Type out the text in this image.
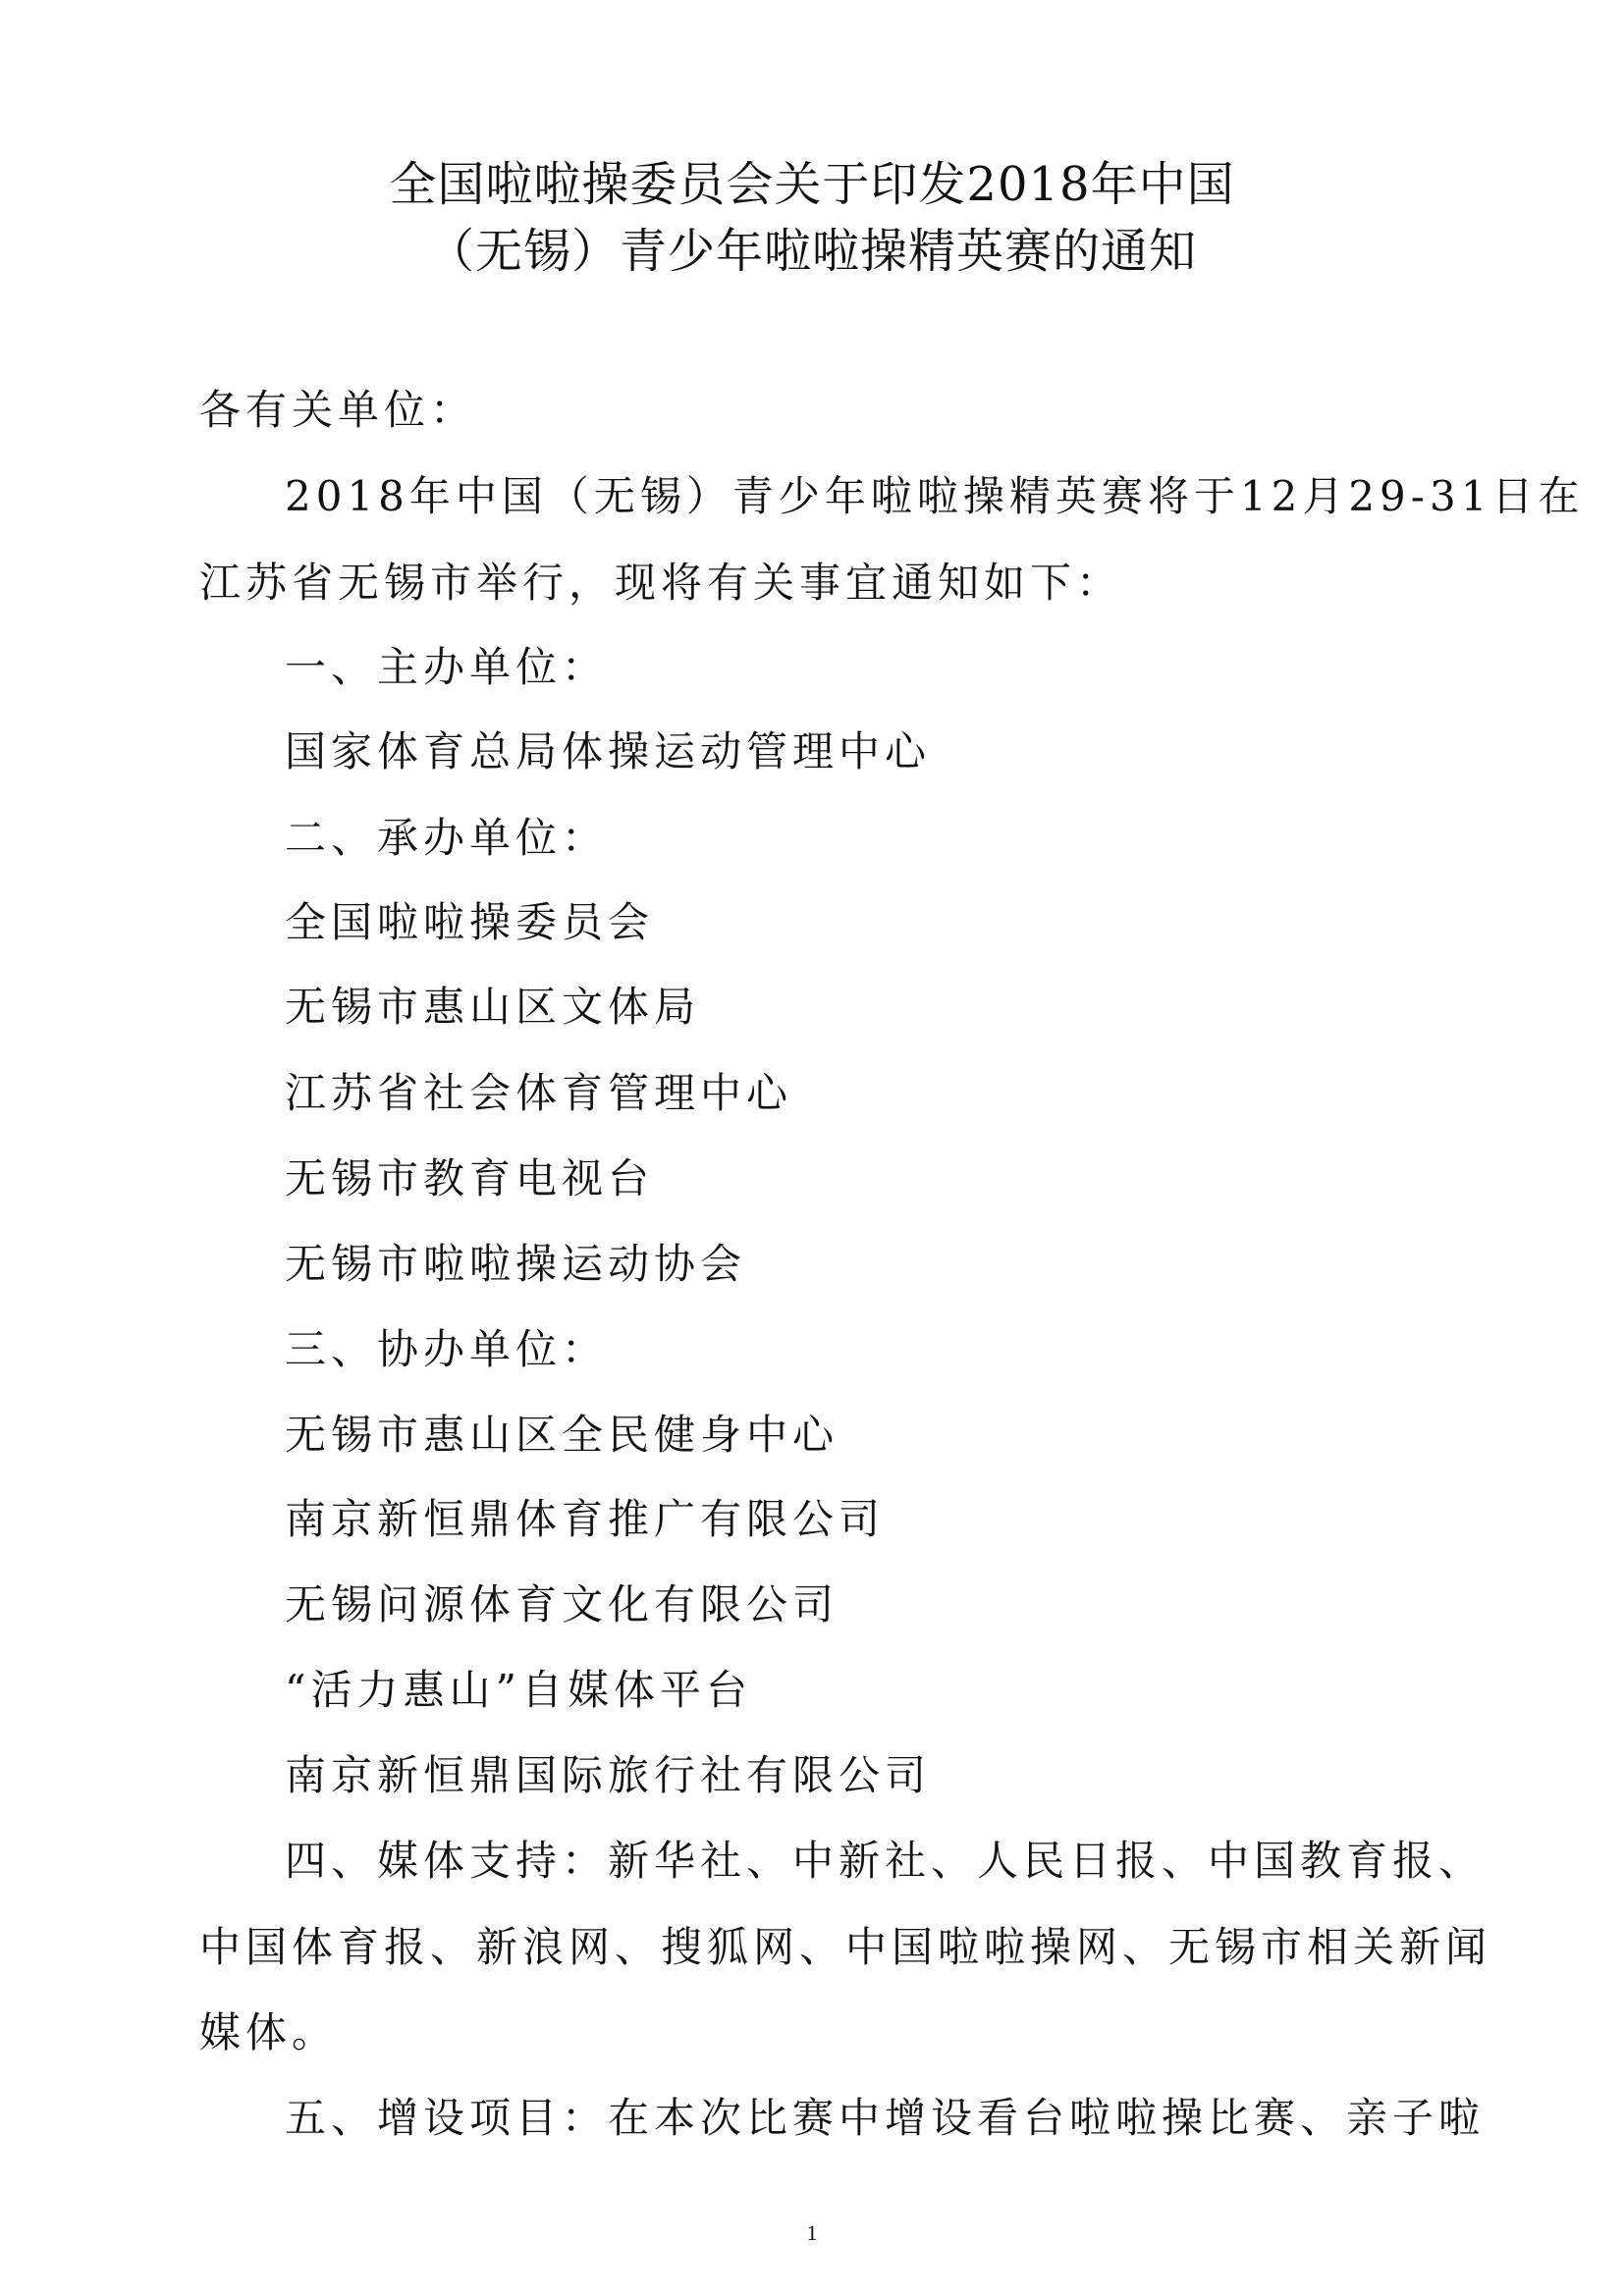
全国啦啦操委员会关于印发2018年中国
（无锡）青少年啦啦操精英赛的通知
各有关单位：
2018年中国（无锡）青少年啦啦操精英赛将于12月29-31日在
江苏省无锡市举行，现将有关事宜通知如下：
一、主办单位：
国家体育总局体操运动管理中心
二、承办单位：
全国啦啦操委员会
无锡市惠山区文体局
江苏省社会体育管理中心
无锡市教育电视台
无锡市啦啦操运动协会
三、协办单位：
无锡市惠山区全民健身中心
南京新恒鼎体育推广有限公司
无锡问源体育文化有限公司
“活力惠山”自媒体平台
南京新恒鼎国际旅行社有限公司
四、媒体支持：新华社、中新社、人民日报、中国教育报、
中国体育报、新浪网、搜狐网、中国啦啦操网、无锡市相关新闻
媒体。
五、增设项目：在本次比赛中增设看台啦啦操比赛、亲子啦
1
